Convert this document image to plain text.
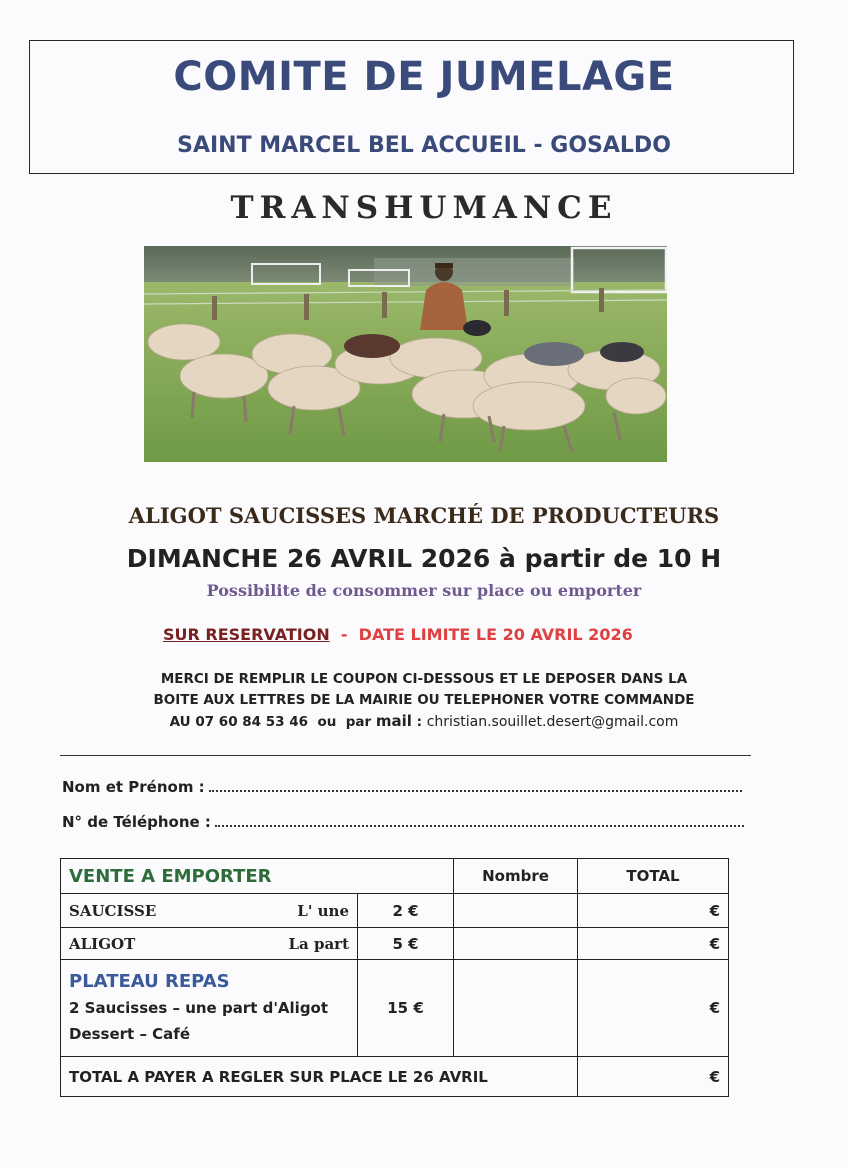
COMITE DE JUMELAGE
SAINT MARCEL BEL ACCUEIL - GOSALDO
TRANSHUMANCE
ALIGOT SAUCISSES MARCHÉ DE PRODUCTEURS
DIMANCHE 26 AVRIL 2026 à partir de 10 H
Possibilite de consommer sur place ou emporter
SUR RESERVATION  -  DATE LIMITE LE 20 AVRIL 2026
MERCI DE REMPLIR LE COUPON CI-DESSOUS ET LE DEPOSER DANS LA
BOITE AUX LETTRES DE LA MAIRIE OU TELEPHONER VOTRE COMMANDE
AU 07 60 84 53 46  ou  par mail : christian.souillet.desert@gmail.com
Nom et Prénom :
N° de Téléphone :
VENTE A EMPORTER		Nombre	TOTAL

SAUCISSE L' une	2 €		€

ALIGOT La part	5 €		€

PLATEAU REPAS
2 Saucisses – une part d'Aligot
Dessert – Café	15 €		€
TOTAL A PAYER A REGLER SUR PLACE LE 26 AVRIL			€
